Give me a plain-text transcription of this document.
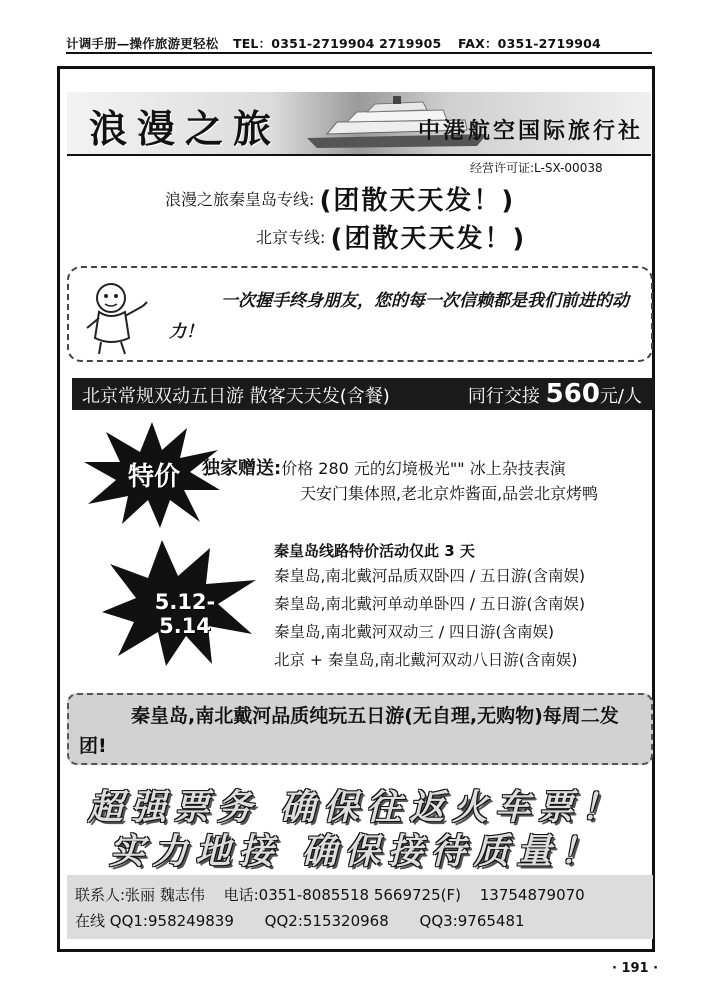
计调手册—操作旅游更轻松 TEL：0351-2719904 2719905 FAX：0351-2719904
浪漫之旅	中港航空国际旅行社
经营许可证:L-SX-00038
浪漫之旅秦皇岛专线: (团散天天发！)
北京专线: (团散天天发！)
一次握手终身朋友，您的每一次信赖都是我们前进的动力！
北京常规双动五日游 散客天天发(含餐)	同行交接 560元/人
特价	独家赠送:价格 280 元的幻境极光"" 冰上杂技表演
天安门集体照,老北京炸酱面,品尝北京烤鸭
5.12-5.14
秦皇岛线路特价活动仅此 3 天
秦皇岛,南北戴河品质双卧四 / 五日游(含南娱)
秦皇岛,南北戴河单动单卧四 / 五日游(含南娱)
秦皇岛,南北戴河双动三 / 四日游(含南娱)
北京 + 秦皇岛,南北戴河双动八日游(含南娱)
秦皇岛,南北戴河品质纯玩五日游(无自理,无购物)每周二发团!
超强票务 确保往返火车票！
实力地接 确保接待质量！
联系人:张丽 魏志伟 电话:0351-8085518 5669725(F) 13754879070
在线 QQ1:958249839 QQ2:515320968 QQ3:9765481
· 191 ·
